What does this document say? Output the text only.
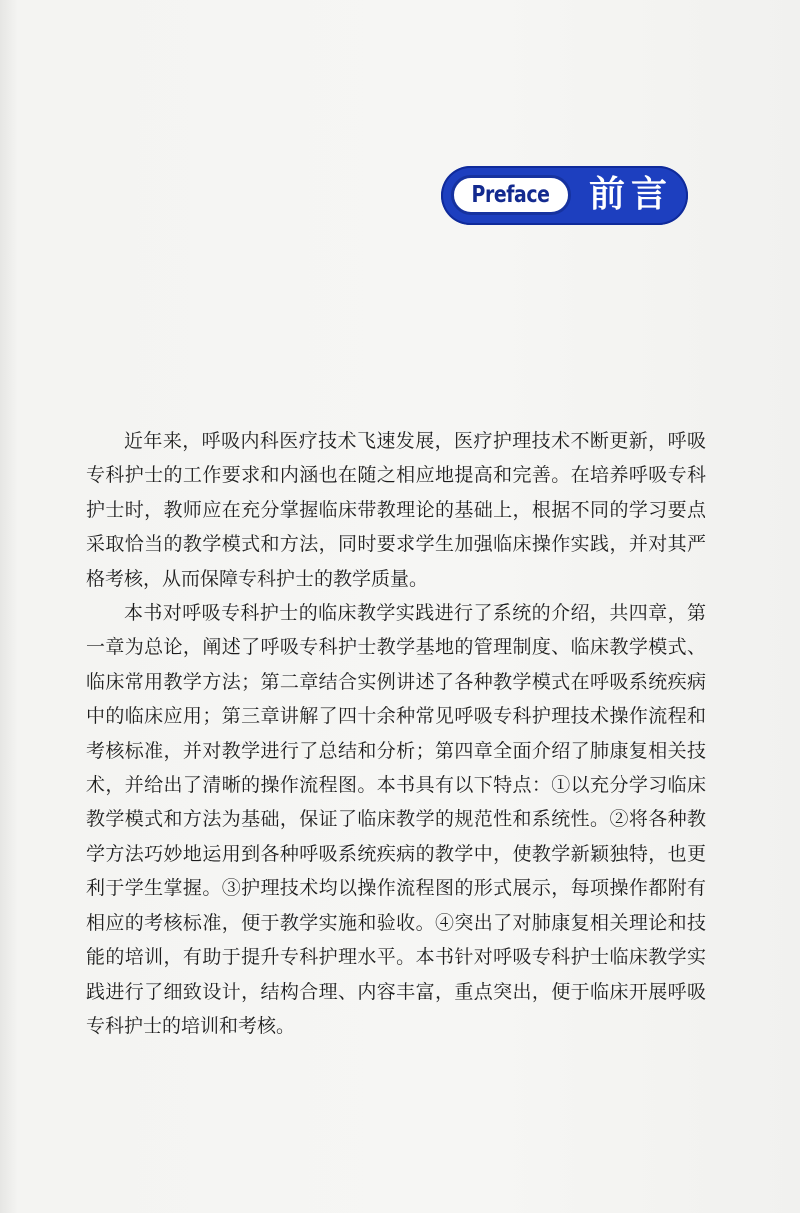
Preface 前言

近年来，呼吸内科医疗技术飞速发展，医疗护理技术不断更新，呼吸专科护士的工作要求和内涵也在随之相应地提高和完善。在培养呼吸专科护士时，教师应在充分掌握临床带教理论的基础上，根据不同的学习要点采取恰当的教学模式和方法，同时要求学生加强临床操作实践，并对其严格考核，从而保障专科护士的教学质量。

本书对呼吸专科护士的临床教学实践进行了系统的介绍，共四章，第一章为总论，阐述了呼吸专科护士教学基地的管理制度、临床教学模式、临床常用教学方法；第二章结合实例讲述了各种教学模式在呼吸系统疾病中的临床应用；第三章讲解了四十余种常见呼吸专科护理技术操作流程和考核标准，并对教学进行了总结和分析；第四章全面介绍了肺康复相关技术，并给出了清晰的操作流程图。本书具有以下特点：①以充分学习临床教学模式和方法为基础，保证了临床教学的规范性和系统性。②将各种教学方法巧妙地运用到各种呼吸系统疾病的教学中，使教学新颖独特，也更利于学生掌握。③护理技术均以操作流程图的形式展示，每项操作都附有相应的考核标准，便于教学实施和验收。④突出了对肺康复相关理论和技能的培训，有助于提升专科护理水平。本书针对呼吸专科护士临床教学实践进行了细致设计，结构合理、内容丰富，重点突出，便于临床开展呼吸专科护士的培训和考核。
